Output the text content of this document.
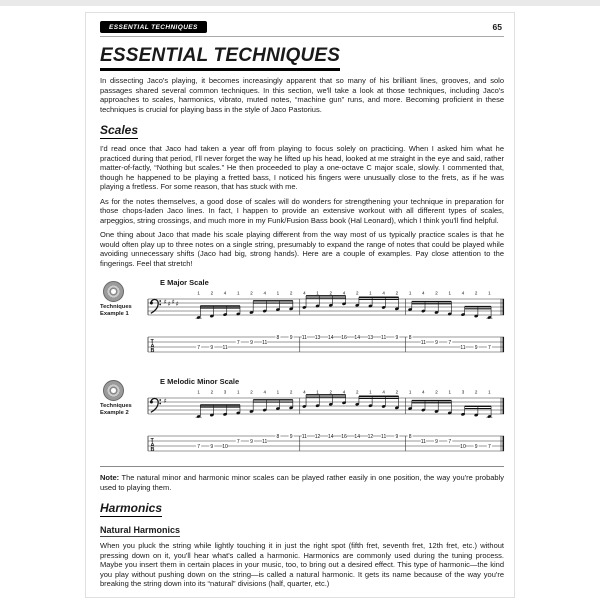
ESSENTIAL TECHNIQUES	65
ESSENTIAL TECHNIQUES

In dissecting Jaco's playing, it becomes increasingly apparent that so many of his brilliant lines, grooves, and solo passages shared several common techniques. In this section, we'll take a look at those techniques, including Jaco's approaches to scales, harmonics, vibrato, muted notes, “machine gun” runs, and more. Becoming proficient in these techniques is crucial for playing bass in the style of Jaco Pastorius.

Scales

I'd read once that Jaco had taken a year off from playing to focus solely on practicing. When I asked him what he practiced during that period, I'll never forget the way he lifted up his head, looked at me straight in the eye and said, rather matter-of-factly, “Nothing but scales.” He then proceeded to play a one-octave C major scale, slowly. I commented that, though he happened to be playing a fretted bass, I noticed his fingers were unusually close to the frets, as if he was playing a fretless. For some reason, that has stuck with me.

As for the notes themselves, a good dose of scales will do wonders for strengthening your technique in preparation for those chops-laden Jaco lines. In fact, I happen to provide an extensive workout with all different types of scales, arpeggios, string crossings, and much more in my Funk/Fusion Bass book (Hal Leonard), which I think you'll find helpful.

One thing about Jaco that made his scale playing different from the way most of us typically practice scales is that he would often play up to three notes on a single string, presumably to expand the range of notes that could be played while avoiding unnecessary shifts (Jaco had big, strong hands). Here are a couple of examples. Pay close attention to the fingerings. Feel that stretch!

Techniques
Example 1
E Major Scale
♯ ♯ ♯ ♯
T
A
B
1
7
2
9
4
11
1
7
2
9
4
11
1
8
2
9
4
11
1
13
2
14
4
16
2
14
1
13
4
11
2
9
1
8
4
11
2
9
1
7
4
11
2
9
1
7
Techniques
Example 2
E Melodic Minor Scale
♯
T
A
B
1
7
2
9
3
10
1
7
2
9
4
11
1
8
2
9
4
11
1
12
2
14
4
16
2
14
1
12
4
11
2
9
1
8
4
11
2
9
1
7
3
10
2
9
1
7

Note: The natural minor and harmonic minor scales can be played rather easily in one position, the way you're probably used to playing them.

Harmonics
Natural Harmonics

When you pluck the string while lightly touching it in just the right spot (fifth fret, seventh fret, 12th fret, etc.) without pressing down on it, you'll hear what's called a harmonic. Harmonics are commonly used during the tuning process. Maybe you insert them in certain places in your music, too, to bring out a desired effect. This type of harmonic—the kind you play without pushing down on the string—is called a natural harmonic. It gets its name because of the way you're breaking the string down into its “natural” divisions (half, quarter, etc.)
